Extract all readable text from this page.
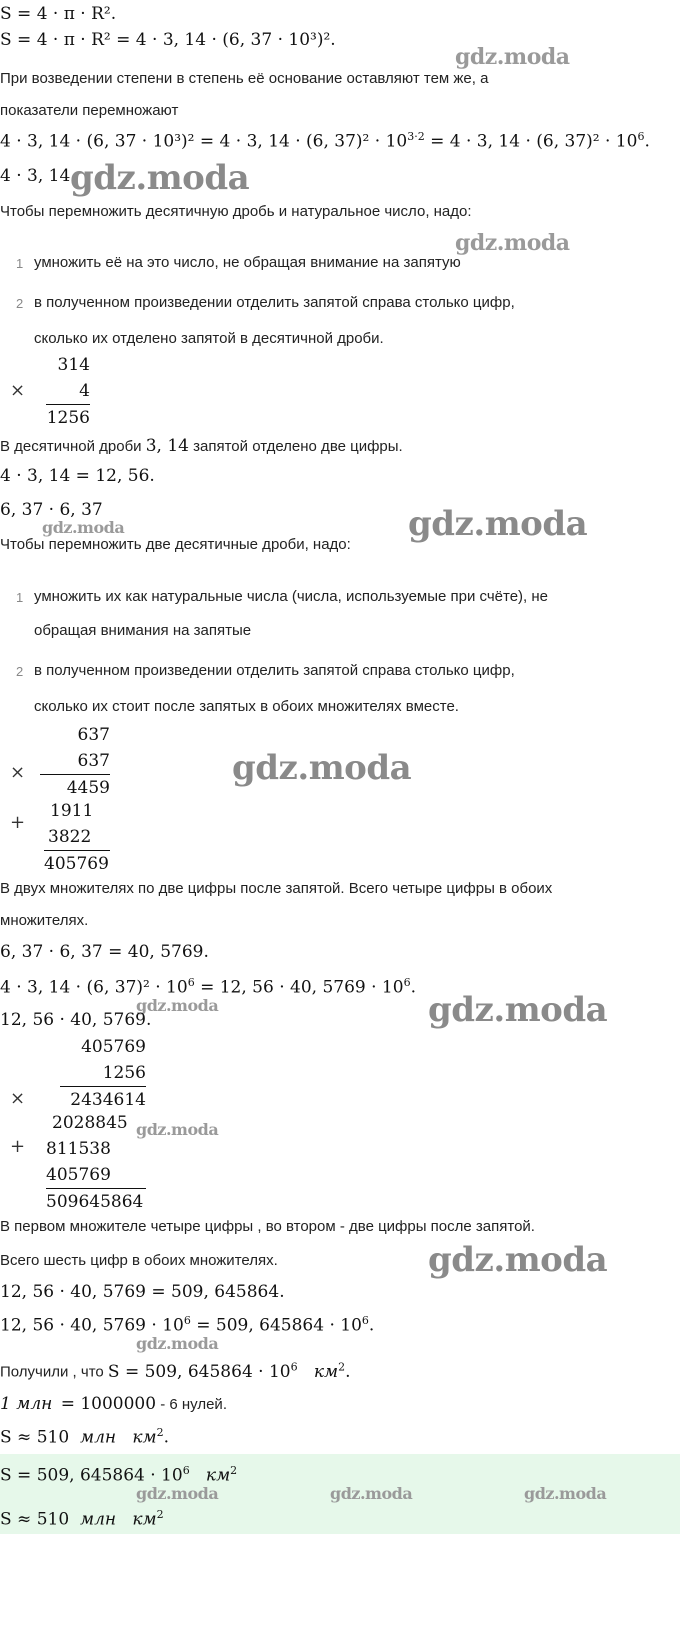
S = 4 · π · R².
S = 4 · π · R² = 4 · 3, 14 · (6, 37 · 10³)².
gdz.moda
При возведении степени в степень её основание оставляют тем же, а
показатели перемножают
4 · 3, 14 · (6, 37 · 10³)² = 4 · 3, 14 · (6, $37)^2 \cdot 10^{3\cdot 2} = 4 \cdot 3$, 14 · (6, $37)^2 \cdot 10^6$.
4 · 3, 14.
gdz.moda
Чтобы перемножить десятичную дробь и натуральное число, надо:
gdz.moda
1 умножить её на это число, не обращая внимание на запятую
2 в полученном произведении отделить запятой справа столько цифр,
сколько их отделено запятой в десятичной дроби.
×
314
4
1256
В десятичной дроби 3, 14 запятой отделено две цифры.
4 · 3, 14 = 12, 56.
6, 37 · 6, 37
gdz.moda	gdz.moda
Чтобы перемножить две десятичные дроби, надо:
1 умножить их как натуральные числа (числа, используемые при счёте), не
обращая внимания на запятые
2 в полученном произведении отделить запятой справа столько цифр,
сколько их стоит после запятых в обоих множителях вместе.
×
637
637
4459	gdz.moda
+
1911
3822
405769
В двух множителях по две цифры после запятой. Всего четыре цифры в обоих
множителях.
6, 37 · 6, 37 = 40, 5769.
4 · 3, 14 · (6, $37)^2 \cdot 10^6 = 12$, 56 · 40, $5769 \cdot 10^6$.
gdz.moda	gdz.moda
12, 56 · 40, 5769.
×
405769
1256
2434614
+
2028845
811538
405769
509645864
gdz.moda
В первом множителе четыре цифры , во втором - две цифры после запятой.
Всего шесть цифр в обоих множителях.	gdz.moda
12, 56 · 40, 5769 = 509, 645864.
12, 56 · 40, $5769 \cdot 10^6 = 509$, $645864 \cdot 10^6$.
gdz.moda
Получили , что S = 509, $645864 \cdot 10^6$ $км^2$.
1 млн = 1000000 - 6 нулей.
S ≈ 510 млн $км^2$.
S = 509, $645864 \cdot 10^6$ $км^2$
gdz.moda	gdz.moda	gdz.moda
S ≈ 510 млн $км^2$
